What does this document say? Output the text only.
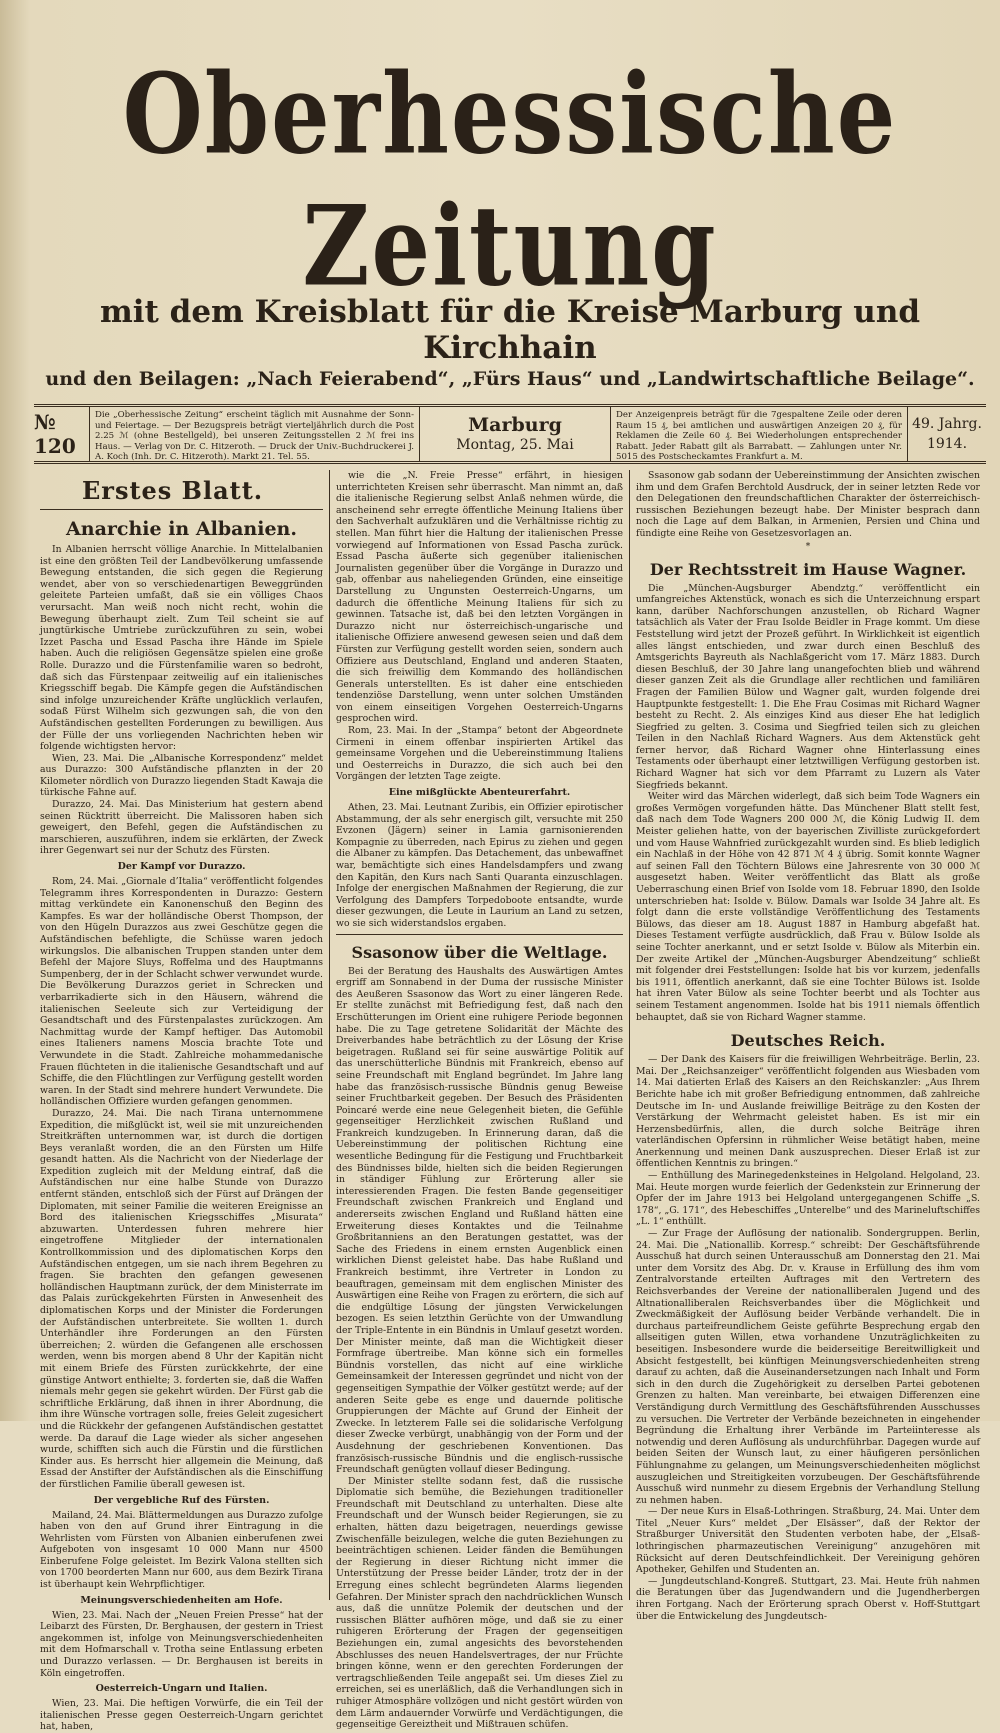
Oberhessische Zeitung
mit dem Kreisblatt für die Kreise Marburg und Kirchhain
und den Beilagen: „Nach Feierabend“, „Fürs Haus“ und „Landwirtschaftliche Beilage“.
№ 120
Die „Oberhessische Zeitung“ erscheint täglich mit Ausnahme der Sonn- und Feiertage. — Der Bezugspreis beträgt vierteljährlich durch die Post 2.25 ℳ (ohne Bestellgeld), bei unseren Zeitungsstellen 2 ℳ frei ins Haus. — Verlag von Dr. C. Hitzeroth. — Druck der Univ.-Buchdruckerei J. A. Koch (Inh. Dr. C. Hitzeroth). Markt 21. Tel. 55.
Marburg
Montag, 25. Mai
Der Anzeigenpreis beträgt für die 7gespaltene Zeile oder deren Raum 15 ₰, bei amtlichen und auswärtigen Anzeigen 20 ₰, für Reklamen die Zeile 60 ₰. Bei Wiederholungen entsprechender Rabatt. Jeder Rabatt gilt als Barrabatt. — Zahlungen unter Nr. 5015 des Postscheckamtes Frankfurt a. M.
49. Jahrg.
1914.
Erstes Blatt.
Anarchie in Albanien.

In Albanien herrscht völlige Anarchie. In Mittelalbanien ist eine den größten Teil der Landbevölkerung umfassende Bewegung entstanden, die sich gegen die Regierung wendet, aber von so verschiedenartigen Beweggründen geleitete Parteien umfaßt, daß sie ein völliges Chaos verursacht. Man weiß noch nicht recht, wohin die Bewegung überhaupt zielt. Zum Teil scheint sie auf jungtürkische Umtriebe zurückzuführen zu sein, wobei Izzet Pascha und Essad Pascha ihre Hände im Spiele haben. Auch die religiösen Gegensätze spielen eine große Rolle. Durazzo und die Fürstenfamilie waren so bedroht, daß sich das Fürstenpaar zeitweilig auf ein italienisches Kriegsschiff begab. Die Kämpfe gegen die Aufständischen sind infolge unzureichender Kräfte unglücklich verlaufen, sodaß Fürst Wilhelm sich gezwungen sah, die von den Aufständischen gestellten Forderungen zu bewilligen. Aus der Fülle der uns vorliegenden Nachrichten heben wir folgende wichtigsten hervor:

Wien, 23. Mai. Die „Albanische Korrespondenz“ meldet aus Durazzo: 300 Aufständische pflanzten in der 20 Kilometer nördlich von Durazzo liegenden Stadt Kawaja die türkische Fahne auf.

Durazzo, 24. Mai. Das Ministerium hat gestern abend seinen Rücktritt überreicht. Die Malissoren haben sich geweigert, den Befehl, gegen die Aufständischen zu marschieren, auszuführen, indem sie erklärten, der Zweck ihrer Gegenwart sei nur der Schutz des Fürsten.

Der Kampf vor Durazzo.

Rom, 24. Mai. „Giornale d’Italia“ veröffentlicht folgendes Telegramm ihres Korrespondenten in Durazzo: Gestern mittag verkündete ein Kanonenschuß den Beginn des Kampfes. Es war der holländische Oberst Thompson, der von den Hügeln Durazzos aus zwei Geschütze gegen die Aufständischen befehligte, die Schüsse waren jedoch wirkungslos. Die albanischen Truppen standen unter dem Befehl der Majore Sluys, Roffelma und des Hauptmanns Sumpenberg, der in der Schlacht schwer verwundet wurde. Die Bevölkerung Durazzos geriet in Schrecken und verbarrikadierte sich in den Häusern, während die italienischen Seeleute sich zur Verteidigung der Gesandtschaft und des Fürstenpalastes zurückzogen. Am Nachmittag wurde der Kampf heftiger. Das Automobil eines Italieners namens Moscia brachte Tote und Verwundete in die Stadt. Zahlreiche mohammedanische Frauen flüchteten in die italienische Gesandtschaft und auf Schiffe, die den Flüchtlingen zur Verfügung gestellt worden waren. In der Stadt sind mehrere hundert Verwundete. Die holländischen Offiziere wurden gefangen genommen.

Durazzo, 24. Mai. Die nach Tirana unternommene Expedition, die mißglückt ist, weil sie mit unzureichenden Streitkräften unternommen war, ist durch die dortigen Beys veranlaßt worden, die an den Fürsten um Hilfe gesandt hatten. Als die Nachricht von der Niederlage der Expedition zugleich mit der Meldung eintraf, daß die Aufständischen nur eine halbe Stunde von Durazzo entfernt ständen, entschloß sich der Fürst auf Drängen der Diplomaten, mit seiner Familie die weiteren Ereignisse an Bord des italienischen Kriegsschiffes „Misurata“ abzuwarten. Unterdessen fuhren mehrere hier eingetroffene Mitglieder der internationalen Kontrollkommission und des diplomatischen Korps den Aufständischen entgegen, um sie nach ihrem Begehren zu fragen. Sie brachten den gefangen gewesenen holländischen Hauptmann zurück, der dem Ministerrate im das Palais zurückgekehrten Fürsten in Anwesenheit des diplomatischen Korps und der Minister die Forderungen der Aufständischen unterbreitete. Sie wollten 1. durch Unterhändler ihre Forderungen an den Fürsten überreichen; 2. würden die Gefangenen alle erschossen werden, wenn bis morgen abend 8 Uhr der Kapitän nicht mit einem Briefe des Fürsten zurückkehrte, der eine günstige Antwort enthielte; 3. forderten sie, daß die Waffen niemals mehr gegen sie gekehrt würden. Der Fürst gab die schriftliche Erklärung, daß ihnen in ihrer Abordnung, die ihm ihre Wünsche vortragen solle, freies Geleit zugesichert und die Rückkehr der gefangenen Aufständischen gestattet werde. Da darauf die Lage wieder als sicher angesehen wurde, schifften sich auch die Fürstin und die fürstlichen Kinder aus. Es herrscht hier allgemein die Meinung, daß Essad der Anstifter der Aufständischen als die Einschiffung der fürstlichen Familie überall gewesen ist.

Der vergebliche Ruf des Fürsten.

Mailand, 24. Mai. Blättermeldungen aus Durazzo zufolge haben von den auf Grund ihrer Eintragung in die Wehrlisten vom Fürsten von Albanien einberufenen zwei Aufgeboten von insgesamt 10 000 Mann nur 4500 Einberufene Folge geleistet. Im Bezirk Valona stellten sich von 1700 beorderten Mann nur 600, aus dem Bezirk Tirana ist überhaupt kein Wehrpflichtiger.

Meinungsverschiedenheiten am Hofe.

Wien, 23. Mai. Nach der „Neuen Freien Presse“ hat der Leibarzt des Fürsten, Dr. Berghausen, der gestern in Triest angekommen ist, infolge von Meinungsverschiedenheiten mit dem Hofmarschall v. Trotha seine Entlassung erbeten und Durazzo verlassen. — Dr. Berghausen ist bereits in Köln eingetroffen.

Oesterreich-Ungarn und Italien.

Wien, 23. Mai. Die heftigen Vorwürfe, die ein Teil der italienischen Presse gegen Oesterreich-Ungarn gerichtet hat, haben,

wie die „N. Freie Presse“ erfährt, in hiesigen unterrichteten Kreisen sehr überrascht. Man nimmt an, daß die italienische Regierung selbst Anlaß nehmen würde, die anscheinend sehr erregte öffentliche Meinung Italiens über den Sachverhalt aufzuklären und die Verhältnisse richtig zu stellen. Man führt hier die Haltung der italienischen Presse vorwiegend auf Informationen von Essad Pascha zurück. Essad Pascha äußerte sich gegenüber italienischen Journalisten gegenüber über die Vorgänge in Durazzo und gab, offenbar aus naheliegenden Gründen, eine einseitige Darstellung zu Ungunsten Oesterreich-Ungarns, um dadurch die öffentliche Meinung Italiens für sich zu gewinnen. Tatsache ist, daß bei den letzten Vorgängen in Durazzo nicht nur österreichisch-ungarische und italienische Offiziere anwesend gewesen seien und daß dem Fürsten zur Verfügung gestellt worden seien, sondern auch Offiziere aus Deutschland, England und anderen Staaten, die sich freiwillig dem Kommando des holländischen Generals unterstellten. Es ist daher eine entschieden tendenziöse Darstellung, wenn unter solchen Umständen von einem einseitigen Vorgehen Oesterreich-Ungarns gesprochen wird.

Rom, 23. Mai. In der „Stampa“ betont der Abgeordnete Cirmeni in einem offenbar inspirierten Artikel das gemeinsame Vorgehen und die Uebereinstimmung Italiens und Oesterreichs in Durazzo, die sich auch bei den Vorgängen der letzten Tage zeigte.

Eine mißglückte Abenteurerfahrt.

Athen, 23. Mai. Leutnant Zuribis, ein Offizier epirotischer Abstammung, der als sehr energisch gilt, versuchte mit 250 Evzonen (Jägern) seiner in Lamia garnisonierenden Kompagnie zu überreden, nach Epirus zu ziehen und gegen die Albaner zu kämpfen. Das Detachement, das unbewaffnet war, bemächtigte sich eines Handelsdampfers und zwang den Kapitän, den Kurs nach Santi Quaranta einzuschlagen. Infolge der energischen Maßnahmen der Regierung, die zur Verfolgung des Dampfers Torpedoboote entsandte, wurde dieser gezwungen, die Leute in Laurium an Land zu setzen, wo sie sich widerstandslos ergaben.

Ssasonow über die Weltlage.

Bei der Beratung des Haushalts des Auswärtigen Amtes ergriff am Sonnabend in der Duma der russische Minister des Aeußeren Ssasonow das Wort zu einer längeren Rede. Er stellte zunächst mit Befriedigung fest, daß nach den Erschütterungen im Orient eine ruhigere Periode begonnen habe. Die zu Tage getretene Solidarität der Mächte des Dreiverbandes habe beträchtlich zu der Lösung der Krise beigetragen. Rußland sei für seine auswärtige Politik auf das unerschütterliche Bündnis mit Frankreich, ebenso auf seine Freundschaft mit England begründet. Im Jahre lang habe das französisch-russische Bündnis genug Beweise seiner Fruchtbarkeit gegeben. Der Besuch des Präsidenten Poincaré werde eine neue Gelegenheit bieten, die Gefühle gegenseitiger Herzlichkeit zwischen Rußland und Frankreich kundzugeben. In Erinnerung daran, daß die Uebereinstimmung der politischen Richtung eine wesentliche Bedingung für die Festigung und Fruchtbarkeit des Bündnisses bilde, hielten sich die beiden Regierungen in ständiger Fühlung zur Erörterung aller sie interessierenden Fragen. Die festen Bande gegenseitiger Freundschaft zwischen Frankreich und England und andererseits zwischen England und Rußland hätten eine Erweiterung dieses Kontaktes und die Teilnahme Großbritanniens an den Beratungen gestattet, was der Sache des Friedens in einem ernsten Augenblick einen wirklichen Dienst geleistet habe. Das habe Rußland und Frankreich bestimmt, ihre Vertreter in London zu beauftragen, gemeinsam mit dem englischen Minister des Auswärtigen eine Reihe von Fragen zu erörtern, die sich auf die endgültige Lösung der jüngsten Verwickelungen bezogen. Es seien letzthin Gerüchte von der Umwandlung der Triple-Entente in ein Bündnis in Umlauf gesetzt worden. Der Minister meinte, daß man die Wichtigkeit dieser Formfrage übertreibe. Man könne sich ein formelles Bündnis vorstellen, das nicht auf eine wirkliche Gemeinsamkeit der Interessen gegründet und nicht von der gegenseitigen Sympathie der Völker gestützt werde; auf der anderen Seite gebe es enge und dauernde politische Gruppierungen der Mächte auf Grund der Einheit der Zwecke. In letzterem Falle sei die solidarische Verfolgung dieser Zwecke verbürgt, unabhängig von der Form und der Ausdehnung der geschriebenen Konventionen. Das französisch-russische Bündnis und die englisch-russische Freundschaft genügten vollauf dieser Bedingung.

Der Minister stellte sodann fest, daß die russische Diplomatie sich bemühe, die Beziehungen traditioneller Freundschaft mit Deutschland zu unterhalten. Diese alte Freundschaft und der Wunsch beider Regierungen, sie zu erhalten, hätten dazu beigetragen, neuerdings gewisse Zwischenfälle beizulegen, welche die guten Beziehungen zu beeinträchtigen schienen. Leider fänden die Bemühungen der Regierung in dieser Richtung nicht immer die Unterstützung der Presse beider Länder, trotz der in der Erregung eines schlecht begründeten Alarms liegenden Gefahren. Der Minister sprach den nachdrücklichen Wunsch aus, daß die unnütze Polemik der deutschen und der russischen Blätter aufhören möge, und daß sie zu einer ruhigeren Erörterung der Fragen der gegenseitigen Beziehungen ein, zumal angesichts des bevorstehenden Abschlusses des neuen Handelsvertrages, der nur Früchte bringen könne, wenn er den gerechten Forderungen der vertragschließenden Teile angepaßt sei. Um dieses Ziel zu erreichen, sei es unerläßlich, daß die Verhandlungen sich in ruhiger Atmosphäre vollzögen und nicht gestört würden von dem Lärm andauernder Vorwürfe und Verdächtigungen, die gegenseitige Gereiztheit und Mißtrauen schüfen.

Ssasonow gab sodann der Uebereinstimmung der Ansichten zwischen ihm und dem Grafen Berchtold Ausdruck, der in seiner letzten Rede vor den Delegationen den freundschaftlichen Charakter der österreichisch-russischen Beziehungen bezeugt habe. Der Minister besprach dann noch die Lage auf dem Balkan, in Armenien, Persien und China und fündigte eine Reihe von Gesetzesvorlagen an.

*
Der Rechtsstreit im Hause Wagner.

Die „München-Augsburger Abendztg.“ veröffentlicht ein umfangreiches Aktenstück, wonach es sich die Unterzeichnung erspart kann, darüber Nachforschungen anzustellen, ob Richard Wagner tatsächlich als Vater der Frau Isolde Beidler in Frage kommt. Um diese Feststellung wird jetzt der Prozeß geführt. In Wirklichkeit ist eigentlich alles längst entschieden, und zwar durch einen Beschluß des Amtsgerichts Bayreuth als Nachlaßgericht vom 17. März 1883. Durch diesen Beschluß, der 30 Jahre lang unangefochten blieb und während dieser ganzen Zeit als die Grundlage aller rechtlichen und familiären Fragen der Familien Bülow und Wagner galt, wurden folgende drei Hauptpunkte festgestellt: 1. Die Ehe Frau Cosimas mit Richard Wagner besteht zu Recht. 2. Als einziges Kind aus dieser Ehe hat lediglich Siegfried zu gelten. 3. Cosima und Siegfried teilen sich zu gleichen Teilen in den Nachlaß Richard Wagners. Aus dem Aktenstück geht ferner hervor, daß Richard Wagner ohne Hinterlassung eines Testaments oder überhaupt einer letztwilligen Verfügung gestorben ist. Richard Wagner hat sich vor dem Pfarramt zu Luzern als Vater Siegfrieds bekannt.

Weiter wird das Märchen widerlegt, daß sich beim Tode Wagners ein großes Vermögen vorgefunden hätte. Das Münchener Blatt stellt fest, daß nach dem Tode Wagners 200 000 ℳ, die König Ludwig II. dem Meister geliehen hatte, von der bayerischen Zivilliste zurückgefordert und vom Hause Wahnfried zurückgezahlt wurden sind. Es blieb lediglich ein Nachlaß in der Höhe von 42 871 ℳ 4 ₰ übrig. Somit konnte Wagner auf seinen Fall den Töchtern Bülows eine Jahresrente von 30 000 ℳ ausgesetzt haben. Weiter veröffentlicht das Blatt als große Ueberraschung einen Brief von Isolde vom 18. Februar 1890, den Isolde unterschrieben hat: Isolde v. Bülow. Damals war Isolde 34 Jahre alt. Es folgt dann die erste vollständige Veröffentlichung des Testaments Bülows, das dieser am 18. August 1887 in Hamburg abgefaßt hat. Dieses Testament verfügte ausdrücklich, daß Frau v. Bülow Isolde als seine Tochter anerkannt, und er setzt Isolde v. Bülow als Miterbin ein. Der zweite Artikel der „München-Augsburger Abendzeitung“ schließt mit folgender drei Feststellungen: Isolde hat bis vor kurzem, jedenfalls bis 1911, öffentlich anerkannt, daß sie eine Tochter Bülows ist. Isolde hat ihren Vater Bülow als seine Tochter beerbt und als Tochter aus seinem Testament angenommen. Isolde hat bis 1911 niemals öffentlich behauptet, daß sie von Richard Wagner stamme.

Deutsches Reich.

— Der Dank des Kaisers für die freiwilligen Wehrbeiträge. Berlin, 23. Mai. Der „Reichsanzeiger“ veröffentlicht folgenden aus Wiesbaden vom 14. Mai datierten Erlaß des Kaisers an den Reichskanzler: „Aus Ihrem Berichte habe ich mit großer Befriedigung entnommen, daß zahlreiche Deutsche im In- und Auslande freiwillige Beiträge zu den Kosten der Verstärkung der Wehrmacht geleistet haben. Es ist mir ein Herzensbedürfnis, allen, die durch solche Beiträge ihren vaterländischen Opfersinn in rühmlicher Weise betätigt haben, meine Anerkennung und meinen Dank auszusprechen. Dieser Erlaß ist zur öffentlichen Kenntnis zu bringen.“

— Enthüllung des Marinegedenksteines in Helgoland. Helgoland, 23. Mai. Heute morgen wurde feierlich der Gedenkstein zur Erinnerung der Opfer der im Jahre 1913 bei Helgoland untergegangenen Schiffe „S. 178“, „G. 171“, des Hebeschiffes „Unterelbe“ und des Marineluftschiffes „L. 1“ enthüllt.

— Zur Frage der Auflösung der nationalib. Sondergruppen. Berlin, 24. Mai. Die „Nationallib. Korresp.“ schreibt: Der Geschäftsführende Ausschuß hat durch seinen Unterausschuß am Donnerstag den 21. Mai unter dem Vorsitz des Abg. Dr. v. Krause in Erfüllung des ihm vom Zentralvorstande erteilten Auftrages mit den Vertretern des Reichsverbandes der Vereine der nationalliberalen Jugend und des Altnationalliberalen Reichsverbandes über die Möglichkeit und Zweckmäßigkeit der Auflösung beider Verbände verhandelt. Die in durchaus parteifreundlichem Geiste geführte Besprechung ergab den allseitigen guten Willen, etwa vorhandene Unzuträglichkeiten zu beseitigen. Insbesondere wurde die beiderseitige Bereitwilligkeit und Absicht festgestellt, bei künftigen Meinungsverschiedenheiten streng darauf zu achten, daß die Auseinandersetzungen nach Inhalt und Form sich in den durch die Zugehörigkeit zu derselben Partei gebotenen Grenzen zu halten. Man vereinbarte, bei etwaigen Differenzen eine Verständigung durch Vermittlung des Geschäftsführenden Ausschusses zu versuchen. Die Vertreter der Verbände bezeichneten in eingehender Begründung die Erhaltung ihrer Verbände im Parteiinteresse als notwendig und deren Auflösung als undurchführbar. Dagegen wurde auf beiden Seiten der Wunsch laut, zu einer häufigeren persönlichen Fühlungnahme zu gelangen, um Meinungsverschiedenheiten möglichst auszugleichen und Streitigkeiten vorzubeugen. Der Geschäftsführende Ausschuß wird nunmehr zu diesem Ergebnis der Verhandlung Stellung zu nehmen haben.

— Der neue Kurs in Elsaß-Lothringen. Straßburg, 24. Mai. Unter dem Titel „Neuer Kurs“ meldet „Der Elsässer“, daß der Rektor der Straßburger Universität den Studenten verboten habe, der „Elsaß-lothringischen pharmazeutischen Vereinigung“ anzugehören mit Rücksicht auf deren Deutschfeindlichkeit. Der Vereinigung gehören Apotheker, Gehilfen und Studenten an.

— Jungdeutschland-Kongreß. Stuttgart, 23. Mai. Heute früh nahmen die Beratungen über das Jugendwandern und die Jugendherbergen ihren Fortgang. Nach der Erörterung sprach Oberst v. Hoff-Stuttgart über die Entwickelung des Jungdeutsch-
